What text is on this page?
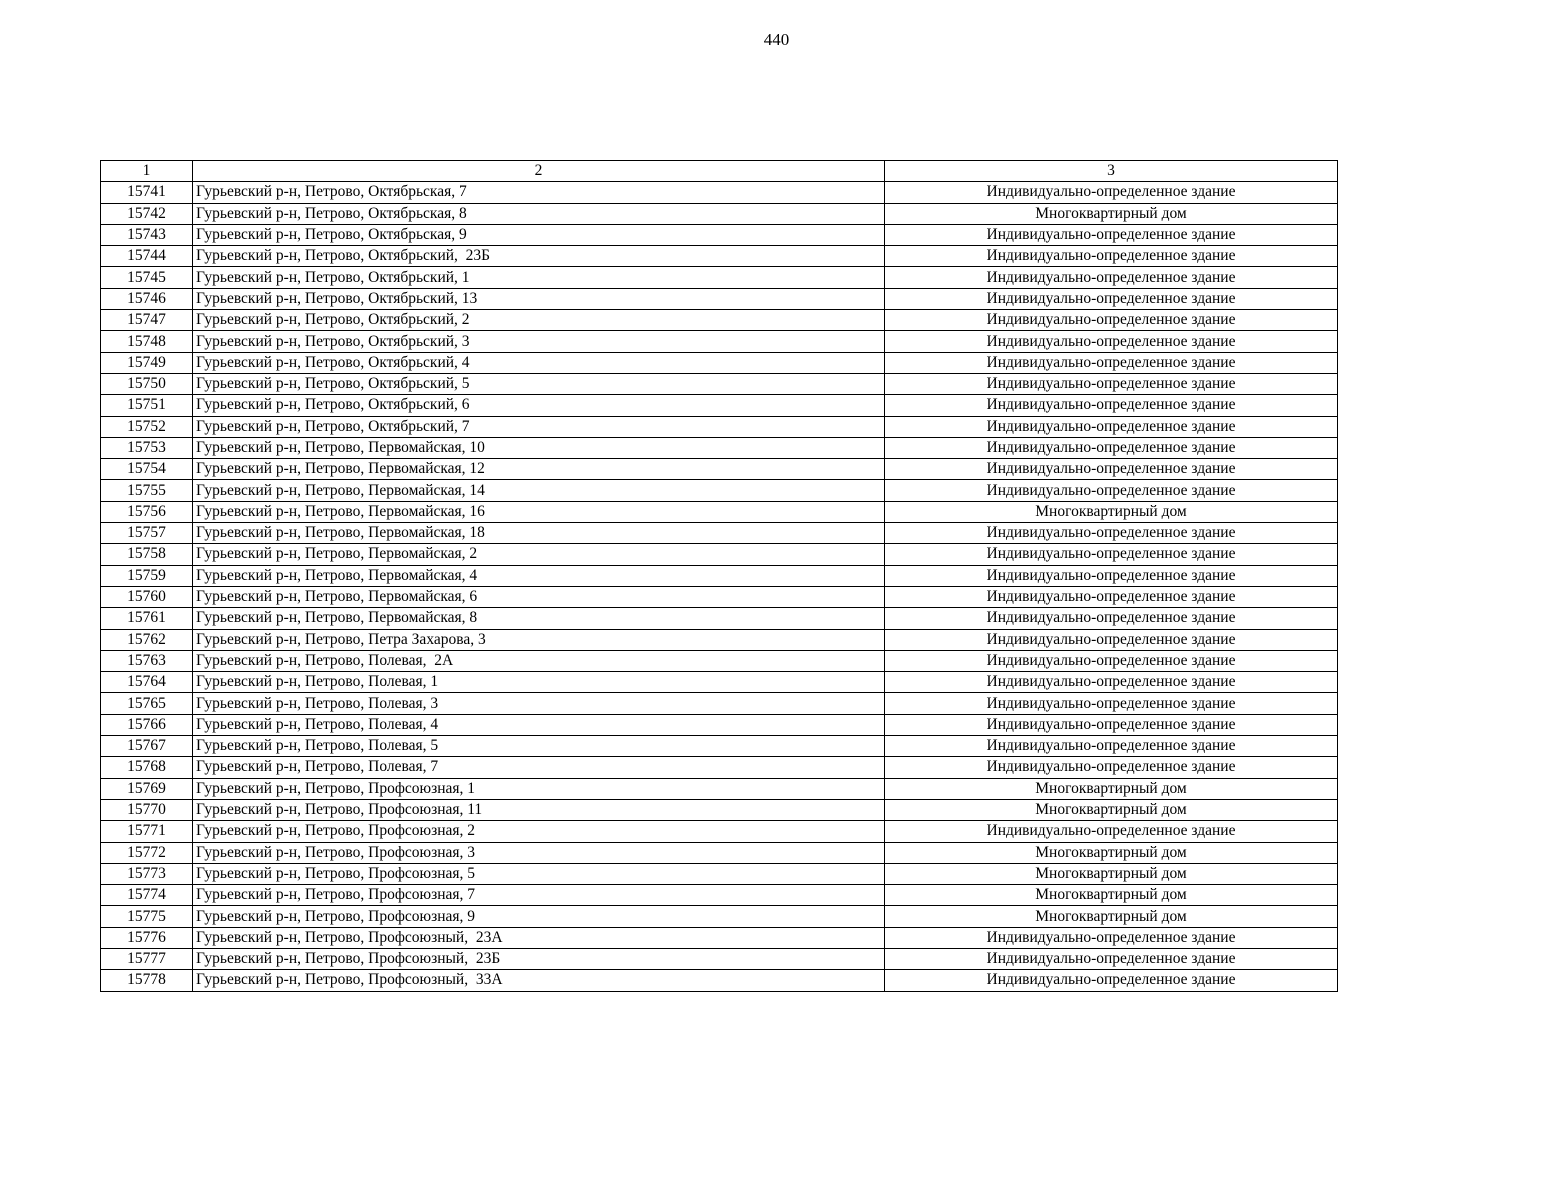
440
1	2	3
15741	Гурьевский р-н, Петрово, Октябрьская, 7	Индивидуально-определенное здание
15742	Гурьевский р-н, Петрово, Октябрьская, 8	Многоквартирный дом
15743	Гурьевский р-н, Петрово, Октябрьская, 9	Индивидуально-определенное здание
15744	Гурьевский р-н, Петрово, Октябрьский,  23Б	Индивидуально-определенное здание
15745	Гурьевский р-н, Петрово, Октябрьский, 1	Индивидуально-определенное здание
15746	Гурьевский р-н, Петрово, Октябрьский, 13	Индивидуально-определенное здание
15747	Гурьевский р-н, Петрово, Октябрьский, 2	Индивидуально-определенное здание
15748	Гурьевский р-н, Петрово, Октябрьский, 3	Индивидуально-определенное здание
15749	Гурьевский р-н, Петрово, Октябрьский, 4	Индивидуально-определенное здание
15750	Гурьевский р-н, Петрово, Октябрьский, 5	Индивидуально-определенное здание
15751	Гурьевский р-н, Петрово, Октябрьский, 6	Индивидуально-определенное здание
15752	Гурьевский р-н, Петрово, Октябрьский, 7	Индивидуально-определенное здание
15753	Гурьевский р-н, Петрово, Первомайская, 10	Индивидуально-определенное здание
15754	Гурьевский р-н, Петрово, Первомайская, 12	Индивидуально-определенное здание
15755	Гурьевский р-н, Петрово, Первомайская, 14	Индивидуально-определенное здание
15756	Гурьевский р-н, Петрово, Первомайская, 16	Многоквартирный дом
15757	Гурьевский р-н, Петрово, Первомайская, 18	Индивидуально-определенное здание
15758	Гурьевский р-н, Петрово, Первомайская, 2	Индивидуально-определенное здание
15759	Гурьевский р-н, Петрово, Первомайская, 4	Индивидуально-определенное здание
15760	Гурьевский р-н, Петрово, Первомайская, 6	Индивидуально-определенное здание
15761	Гурьевский р-н, Петрово, Первомайская, 8	Индивидуально-определенное здание
15762	Гурьевский р-н, Петрово, Петра Захарова, 3	Индивидуально-определенное здание
15763	Гурьевский р-н, Петрово, Полевая,  2А	Индивидуально-определенное здание
15764	Гурьевский р-н, Петрово, Полевая, 1	Индивидуально-определенное здание
15765	Гурьевский р-н, Петрово, Полевая, 3	Индивидуально-определенное здание
15766	Гурьевский р-н, Петрово, Полевая, 4	Индивидуально-определенное здание
15767	Гурьевский р-н, Петрово, Полевая, 5	Индивидуально-определенное здание
15768	Гурьевский р-н, Петрово, Полевая, 7	Индивидуально-определенное здание
15769	Гурьевский р-н, Петрово, Профсоюзная, 1	Многоквартирный дом
15770	Гурьевский р-н, Петрово, Профсоюзная, 11	Многоквартирный дом
15771	Гурьевский р-н, Петрово, Профсоюзная, 2	Индивидуально-определенное здание
15772	Гурьевский р-н, Петрово, Профсоюзная, 3	Многоквартирный дом
15773	Гурьевский р-н, Петрово, Профсоюзная, 5	Многоквартирный дом
15774	Гурьевский р-н, Петрово, Профсоюзная, 7	Многоквартирный дом
15775	Гурьевский р-н, Петрово, Профсоюзная, 9	Многоквартирный дом
15776	Гурьевский р-н, Петрово, Профсоюзный,  23А	Индивидуально-определенное здание
15777	Гурьевский р-н, Петрово, Профсоюзный,  23Б	Индивидуально-определенное здание
15778	Гурьевский р-н, Петрово, Профсоюзный,  33А	Индивидуально-определенное здание
